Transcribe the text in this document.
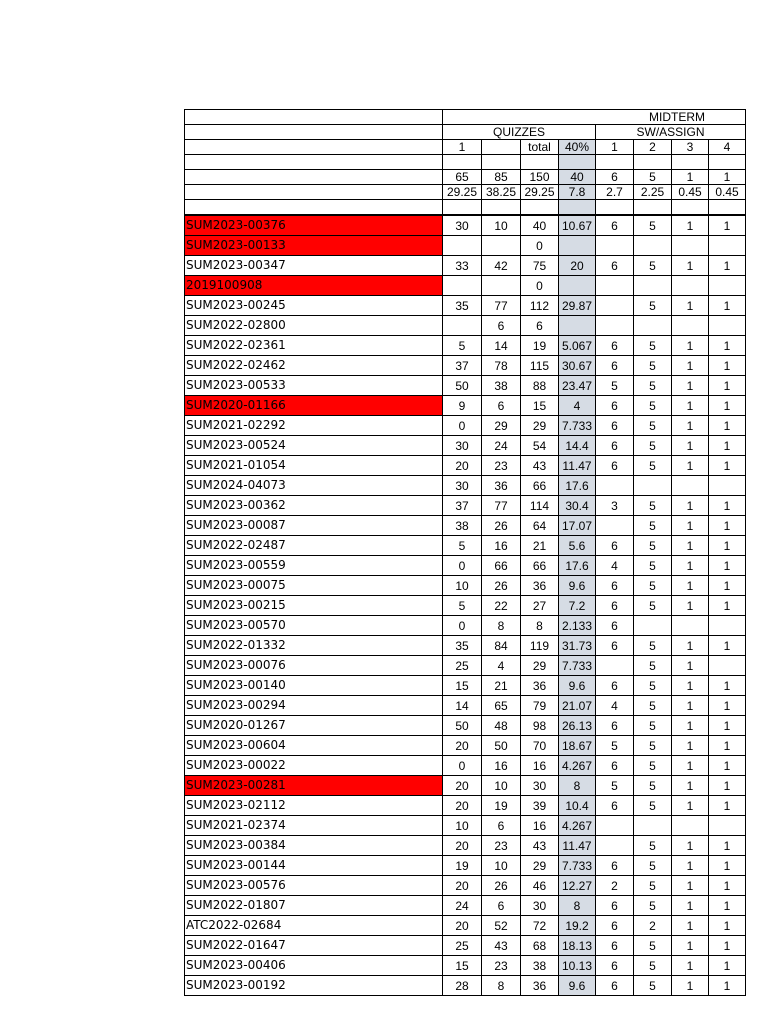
	MIDTERM							
	QUIZZES				SW/ASSIGN			
	1		total	40%	1	2	3	4

	65	85	150	40	6	5	1	1
	29.25	38.25	29.25	7.8	2.7	2.25	0.45	0.45

SUM2023-00376	30	10	40	10.67	6	5	1	1
SUM2023-00133			0					
SUM2023-00347	33	42	75	20	6	5	1	1
2019100908			0					
SUM2023-00245	35	77	112	29.87		5	1	1
SUM2022-02800		6	6					
SUM2022-02361	5	14	19	5.067	6	5	1	1
SUM2022-02462	37	78	115	30.67	6	5	1	1
SUM2023-00533	50	38	88	23.47	5	5	1	1
SUM2020-01166	9	6	15	4	6	5	1	1
SUM2021-02292	0	29	29	7.733	6	5	1	1
SUM2023-00524	30	24	54	14.4	6	5	1	1
SUM2021-01054	20	23	43	11.47	6	5	1	1
SUM2024-04073	30	36	66	17.6				
SUM2023-00362	37	77	114	30.4	3	5	1	1
SUM2023-00087	38	26	64	17.07		5	1	1
SUM2022-02487	5	16	21	5.6	6	5	1	1
SUM2023-00559	0	66	66	17.6	4	5	1	1
SUM2023-00075	10	26	36	9.6	6	5	1	1
SUM2023-00215	5	22	27	7.2	6	5	1	1
SUM2023-00570	0	8	8	2.133	6			
SUM2022-01332	35	84	119	31.73	6	5	1	1
SUM2023-00076	25	4	29	7.733		5	1	
SUM2023-00140	15	21	36	9.6	6	5	1	1
SUM2023-00294	14	65	79	21.07	4	5	1	1
SUM2020-01267	50	48	98	26.13	6	5	1	1
SUM2023-00604	20	50	70	18.67	5	5	1	1
SUM2023-00022	0	16	16	4.267	6	5	1	1
SUM2023-00281	20	10	30	8	5	5	1	1
SUM2023-02112	20	19	39	10.4	6	5	1	1
SUM2021-02374	10	6	16	4.267				
SUM2023-00384	20	23	43	11.47		5	1	1
SUM2023-00144	19	10	29	7.733	6	5	1	1
SUM2023-00576	20	26	46	12.27	2	5	1	1
SUM2022-01807	24	6	30	8	6	5	1	1
ATC2022-02684	20	52	72	19.2	6	2	1	1
SUM2022-01647	25	43	68	18.13	6	5	1	1
SUM2023-00406	15	23	38	10.13	6	5	1	1
SUM2023-00192	28	8	36	9.6	6	5	1	1
